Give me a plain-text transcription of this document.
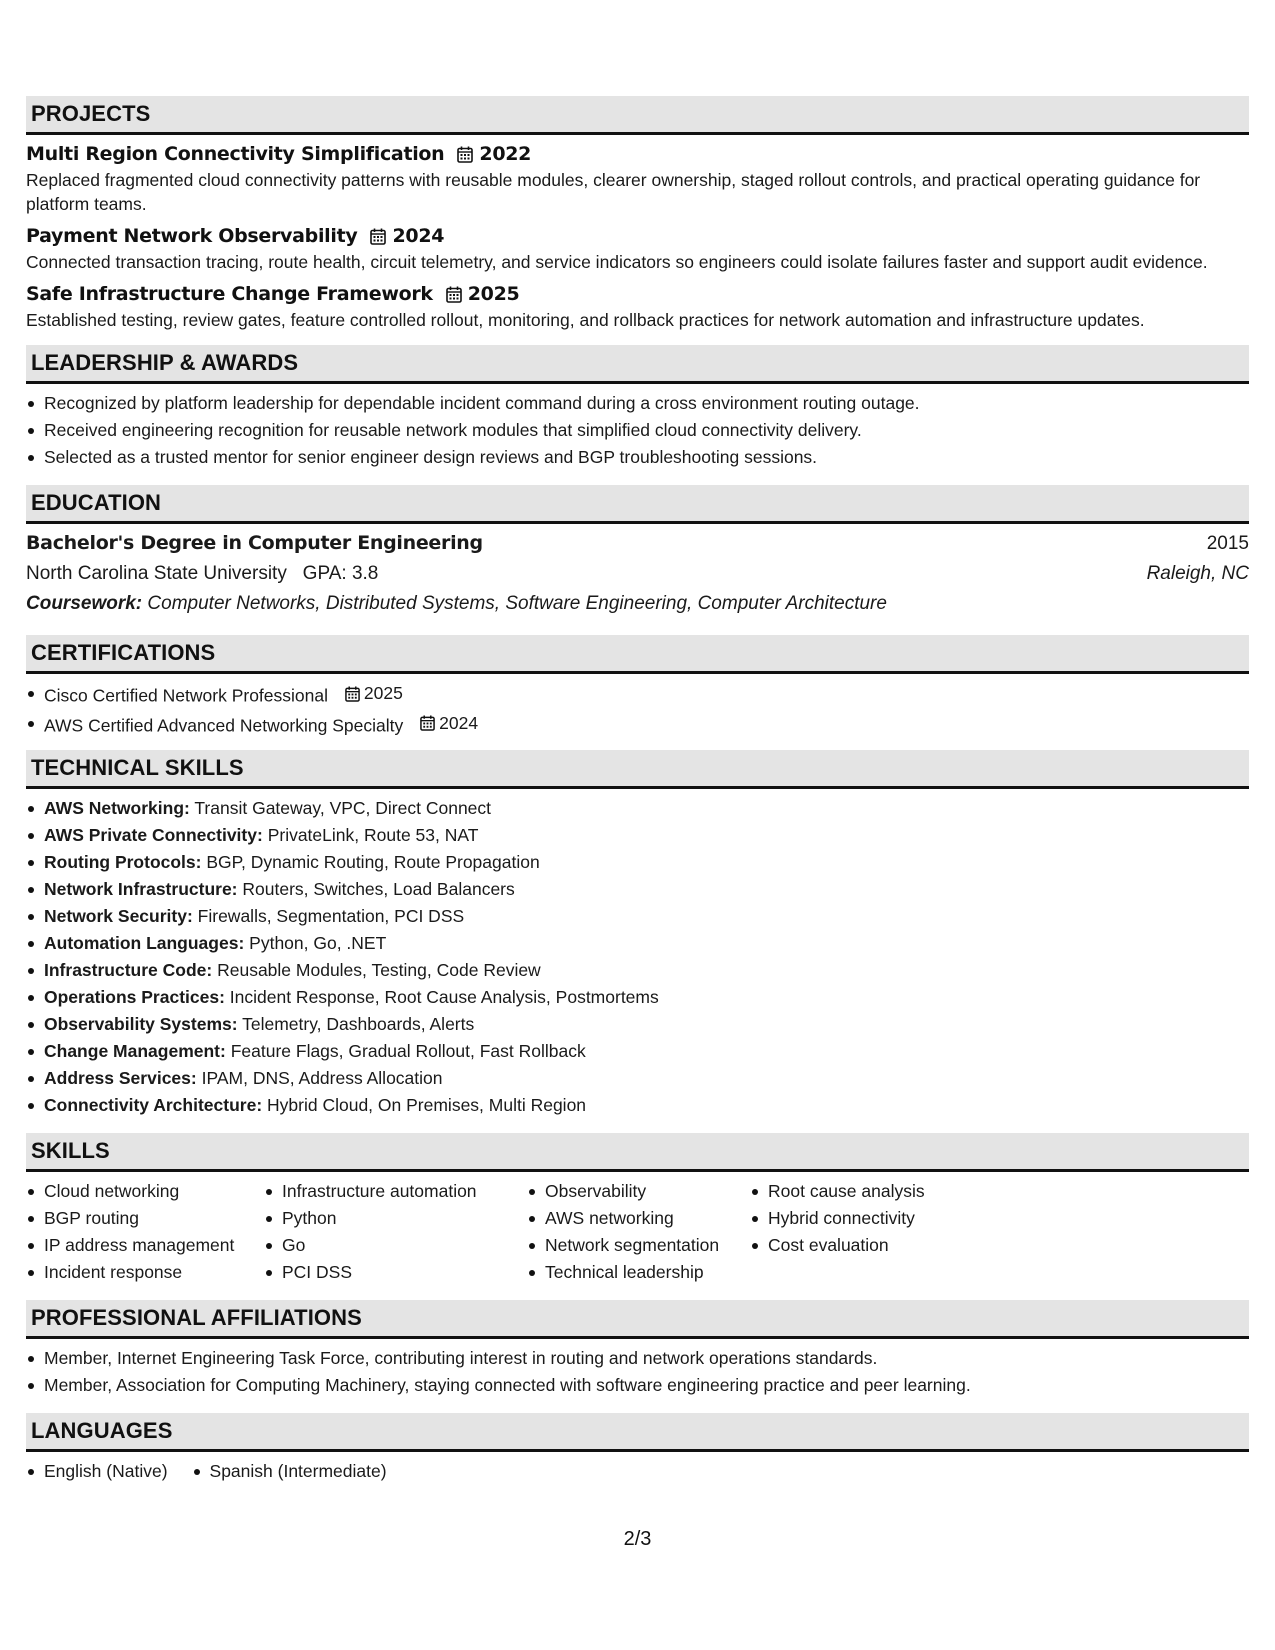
PROJECTS
Multi Region Connectivity Simplification 2022
Replaced fragmented cloud connectivity patterns with reusable modules, clearer ownership, staged rollout controls, and practical operating guidance for platform teams.
Payment Network Observability 2024
Connected transaction tracing, route health, circuit telemetry, and service indicators so engineers could isolate failures faster and support audit evidence.
Safe Infrastructure Change Framework 2025
Established testing, review gates, feature controlled rollout, monitoring, and rollback practices for network automation and infrastructure updates.
LEADERSHIP & AWARDS
Recognized by platform leadership for dependable incident command during a cross environment routing outage.
Received engineering recognition for reusable network modules that simplified cloud connectivity delivery.
Selected as a trusted mentor for senior engineer design reviews and BGP troubleshooting sessions.
EDUCATION
Bachelor's Degree in Computer Engineering	2015
North Carolina State University GPA: 3.8	Raleigh, NC
Coursework: Computer Networks, Distributed Systems, Software Engineering, Computer Architecture
CERTIFICATIONS
Cisco Certified Network Professional 2025
AWS Certified Advanced Networking Specialty 2024
TECHNICAL SKILLS
AWS Networking: Transit Gateway, VPC, Direct Connect
AWS Private Connectivity: PrivateLink, Route 53, NAT
Routing Protocols: BGP, Dynamic Routing, Route Propagation
Network Infrastructure: Routers, Switches, Load Balancers
Network Security: Firewalls, Segmentation, PCI DSS
Automation Languages: Python, Go, .NET
Infrastructure Code: Reusable Modules, Testing, Code Review
Operations Practices: Incident Response, Root Cause Analysis, Postmortems
Observability Systems: Telemetry, Dashboards, Alerts
Change Management: Feature Flags, Gradual Rollout, Fast Rollback
Address Services: IPAM, DNS, Address Allocation
Connectivity Architecture: Hybrid Cloud, On Premises, Multi Region
SKILLS
Cloud networking
BGP routing
IP address management
Incident response
Infrastructure automation
Python
Go
PCI DSS
Observability
AWS networking
Network segmentation
Technical leadership
Root cause analysis
Hybrid connectivity
Cost evaluation
PROFESSIONAL AFFILIATIONS
Member, Internet Engineering Task Force, contributing interest in routing and network operations standards.
Member, Association for Computing Machinery, staying connected with software engineering practice and peer learning.
LANGUAGES
English (Native)	Spanish (Intermediate)
2/3
